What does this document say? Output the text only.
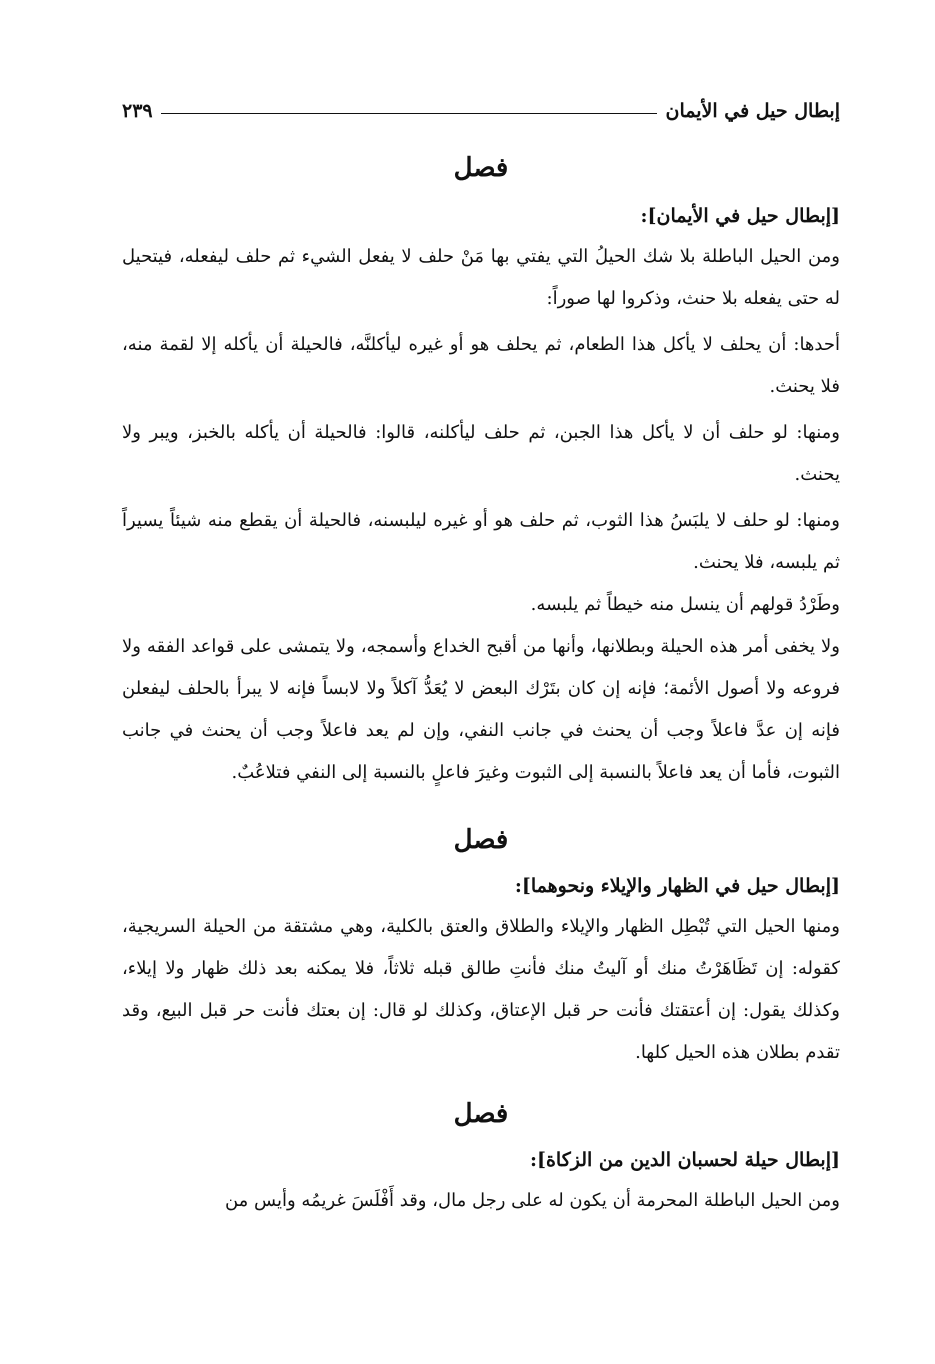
إبطال حيل في الأيمان
٢٣٩
فصل

[إبطال حيل في الأيمان]:

ومن الحيل الباطلة بلا شك الحيلُ التي يفتي بها مَنْ حلف لا يفعل الشيء ثم حلف ليفعله، فيتحيل له حتى يفعله بلا حنث، وذكروا لها صوراً:

أحدها: أن يحلف لا يأكل هذا الطعام، ثم يحلف هو أو غيره ليأكلنَّه، فالحيلة أن يأكله إلا لقمة منه، فلا يحنث.

ومنها: لو حلف أن لا يأكل هذا الجبن، ثم حلف ليأكلنه، قالوا: فالحيلة أن يأكله بالخبز، ويبر ولا يحنث.

ومنها: لو حلف لا يلبَسُ هذا الثوب، ثم حلف هو أو غيره ليلبسنه، فالحيلة أن يقطع منه شيئاً يسيراً ثم يلبسه، فلا يحنث.

وطَرْدُ قولهم أن ينسل منه خيطاً ثم يلبسه.

ولا يخفى أمر هذه الحيلة وبطلانها، وأنها من أقبح الخداع وأسمجه، ولا يتمشى على قواعد الفقه ولا فروعه ولا أصول الأئمة؛ فإنه إن كان بتَرْك البعض لا يُعَدُّ آكلاً ولا لابساً فإنه لا يبرأ بالحلف ليفعلن فإنه إن عدَّ فاعلاً وجب أن يحنث في جانب النفي، وإن لم يعد فاعلاً وجب أن يحنث في جانب الثبوت، فأما أن يعد فاعلاً بالنسبة إلى الثبوت وغيرَ فاعلٍ بالنسبة إلى النفي فتلاعُبٌ.

فصل

[إبطال حيل في الظهار والإيلاء ونحوهما]:

ومنها الحيل التي تُبْطِل الظهار والإيلاء والطلاق والعتق بالكلية، وهي مشتقة من الحيلة السريجية، كقوله: إن تَظَاهَرْتُ منك أو آليتُ منك فأنتِ طالق قبله ثلاثاً، فلا يمكنه بعد ذلك ظهار ولا إيلاء، وكذلك يقول: إن أعتقتك فأنت حر قبل الإعتاق، وكذلك لو قال: إن بعتك فأنت حر قبل البيع، وقد تقدم بطلان هذه الحيل كلها.

فصل

[إبطال حيلة لحسبان الدين من الزكاة]:

ومن الحيل الباطلة المحرمة أن يكون له على رجل مال، وقد أَفْلَسَ غريمُه وأيس من
